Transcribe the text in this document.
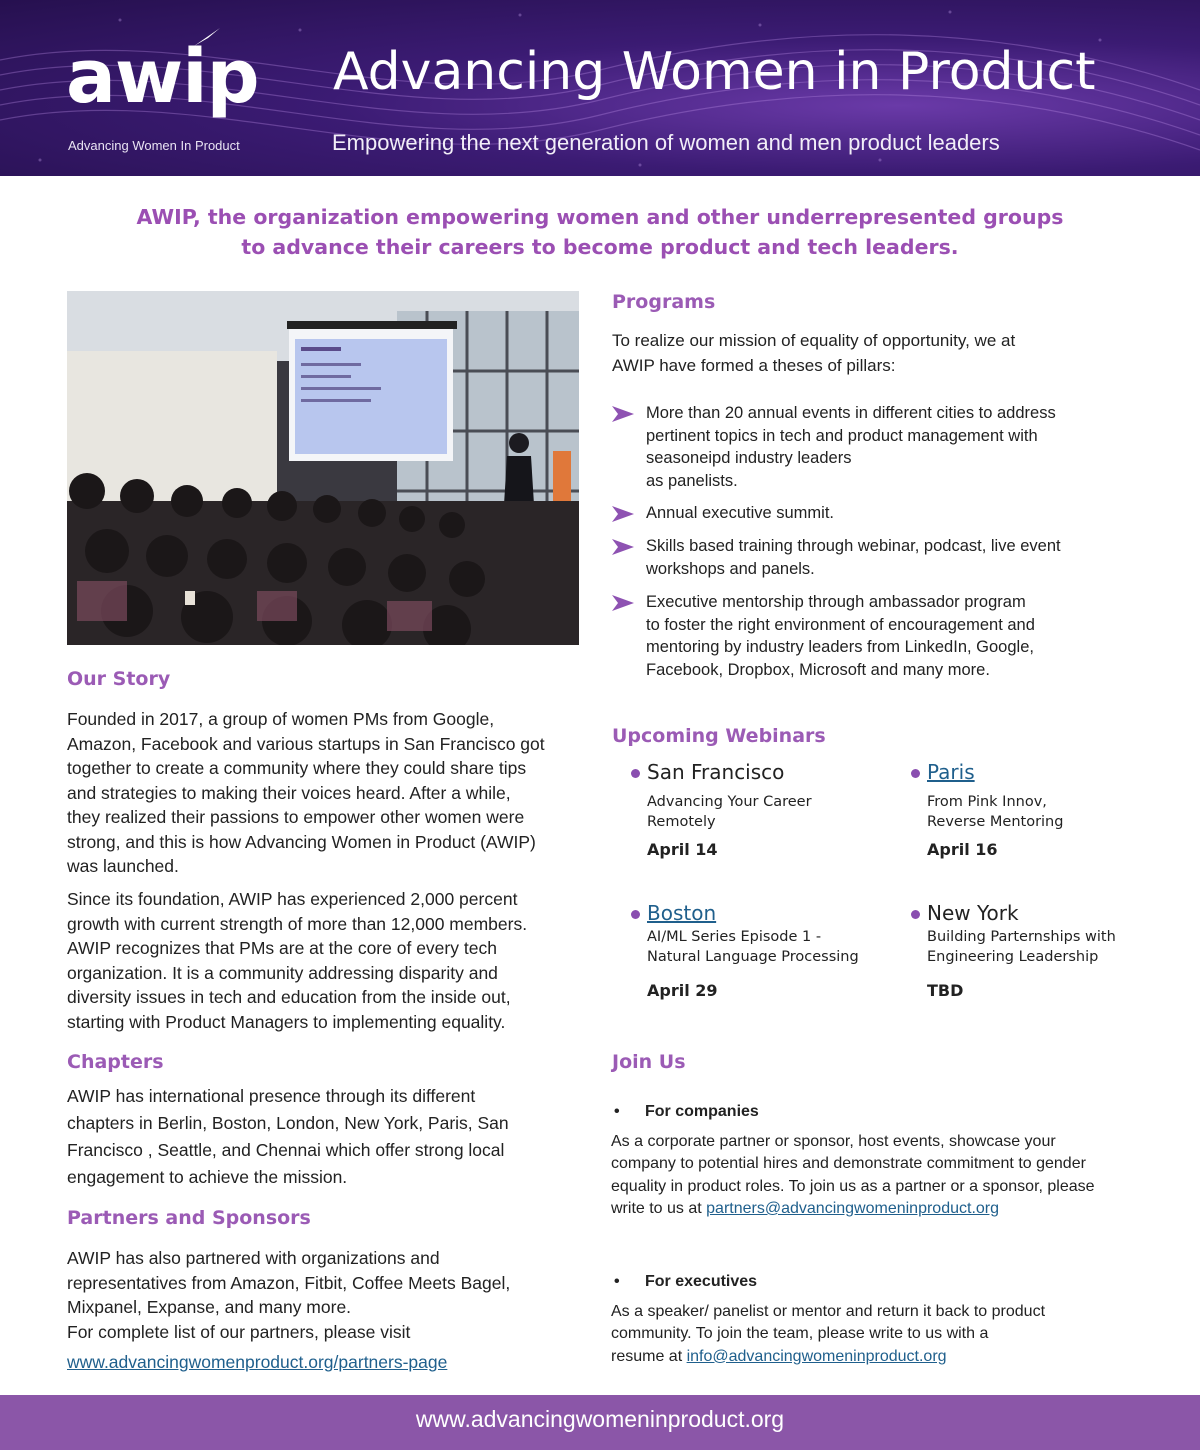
awip
Advancing Women In Product
Advancing Women in Product
Empowering the next generation of women and men product leaders
AWIP, the organization empowering women and other underrepresented groups
to advance their careers to become product and tech leaders.
Our Story
Founded in 2017, a group of women PMs from Google,
Amazon, Facebook and various startups in San Francisco got
together to create a community where they could share tips
and strategies to making their voices heard. After a while,
they realized their passions to empower other women were
strong, and this is how Advancing Women in Product (AWIP)
was launched.
Since its foundation, AWIP has experienced 2,000 percent
growth with current strength of more than 12,000 members.
AWIP recognizes that PMs are at the core of every tech
organization. It is a community addressing disparity and
diversity issues in tech and education from the inside out,
starting with Product Managers to implementing equality.
Chapters
AWIP has international presence through its different
chapters in Berlin, Boston, London, New York, Paris, San
Francisco , Seattle, and Chennai which offer strong local
engagement to achieve the mission.
Partners and Sponsors
AWIP has also partnered with organizations and
representatives from Amazon, Fitbit, Coffee Meets Bagel,
Mixpanel, Expanse, and many more.
For complete list of our partners, please visit
www.advancingwomenproduct.org/partners-page
Programs
To realize our mission of equality of opportunity, we at
AWIP have formed a theses of pillars:
More than 20 annual events in different cities to address
pertinent topics in tech and product management with
seasoneipd industry leaders
as panelists.
Annual executive summit.
Skills based training through webinar, podcast, live event
workshops and panels.
Executive mentorship through ambassador program
to foster the right environment of encouragement and
mentoring by industry leaders from LinkedIn, Google,
Facebook, Dropbox, Microsoft and many more.
Upcoming Webinars
San Francisco
Advancing Your Career
Remotely
April 14
Paris
From Pink Innov,
Reverse Mentoring
April 16
Boston
AI/ML Series Episode 1 -
Natural Language Processing
April 29
New York
Building Parternships with
Engineering Leadership
TBD
Join Us
• For companies
As a corporate partner or sponsor, host events, showcase your
company to potential hires and demonstrate commitment to gender
equality in product roles. To join us as a partner or a sponsor, please
write to us at partners@advancingwomeninproduct.org
• For executives
As a speaker/ panelist or mentor and return it back to product
community. To join the team, please write to us with a
resume at info@advancingwomeninproduct.org
www.advancingwomeninproduct.org
